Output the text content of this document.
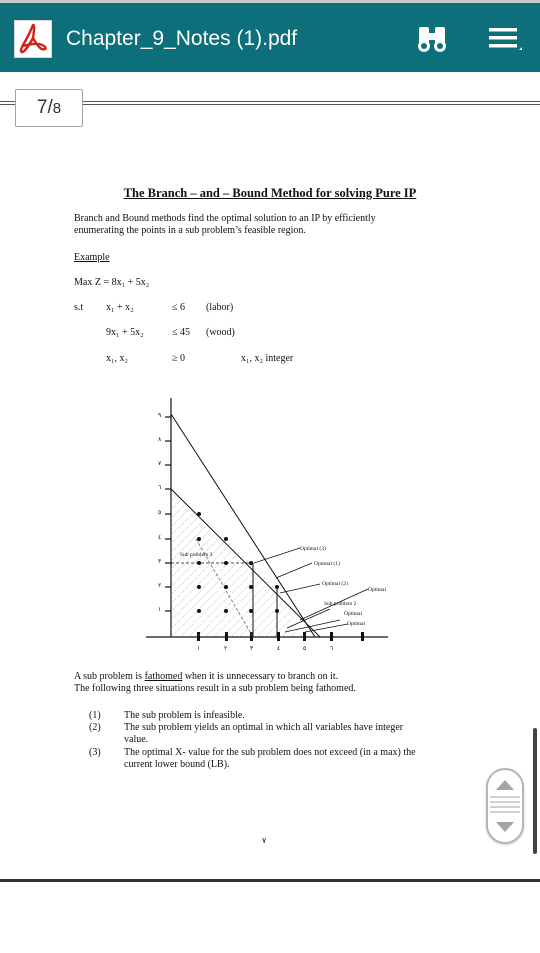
Chapter_9_Notes (1).pdf
7/ 8
The Branch – and – Bound Method for solving Pure IP
Branch and Bound methods find the optimal solution to an IP by efficiently
enumerating the points in a sub problem’s feasible region.
Example
Max Z = 8x₁ + 5x₂
s.t x₁ + x₂	≤ 6 (labor)
9x₁ + 5x₂	≤ 45 (wood)
x₁, x₂	≥ 0	x₁, x₂ integer
٩
٨
٧
٦
٥
٤
٣
٢
١
١	٢	٣	٤	٥	٦
Sub problem 3
Optimal (3)
Optimal (1)
Optimal (2)
Optimal
Sub problem 2
Optimal
Optimal
A sub problem is fathomed when it is unnecessary to branch on it.
The following three situations result in a sub problem being fathomed.
(1) The sub problem is infeasible.
(2) The sub problem yields an optimal in which all variables have integer
value.
(3) The optimal X- value for the sub problem does not exceed (in a max) the
current lower bound (LB).
٧
